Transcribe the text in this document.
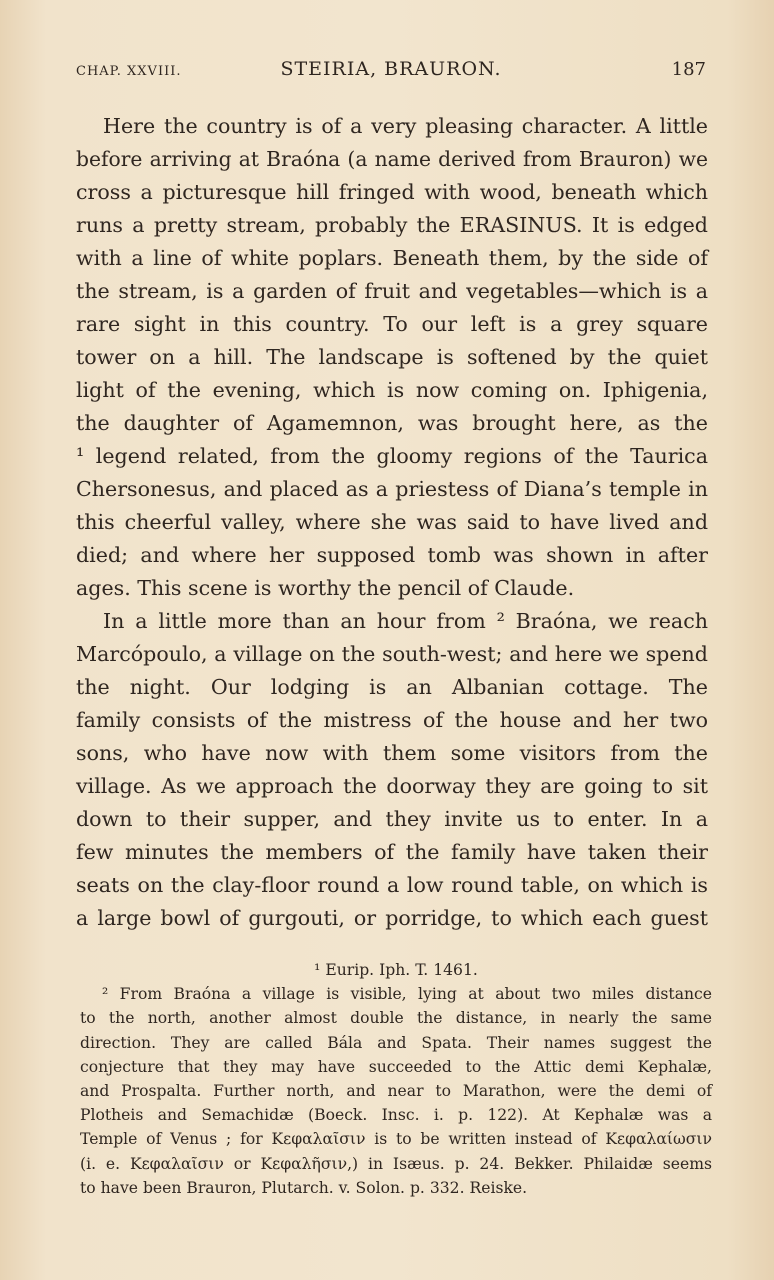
CHAP. XXVIII.	STEIRIA, BRAURON.	187

Here the country is of a very pleasing character. A little

before arriving at Braóna (a name derived from Brauron) we

cross a picturesque hill fringed with wood, beneath which

runs a pretty stream, probably the ERASINUS. It is edged

with a line of white poplars. Beneath them, by the side of

the stream, is a garden of fruit and vegetables—which is a

rare sight in this country. To our left is a grey square

tower on a hill. The landscape is softened by the quiet

light of the evening, which is now coming on. Iphigenia,

the daughter of Agamemnon, was brought here, as the

¹ legend related, from the gloomy regions of the Taurica

Chersonesus, and placed as a priestess of Diana’s temple in

this cheerful valley, where she was said to have lived and

died; and where her supposed tomb was shown in after

ages. This scene is worthy the pencil of Claude.

In a little more than an hour from ² Braóna, we reach

Marcópoulo, a village on the south-west; and here we spend

the night. Our lodging is an Albanian cottage. The

family consists of the mistress of the house and her two

sons, who have now with them some visitors from the

village. As we approach the doorway they are going to sit

down to their supper, and they invite us to enter. In a

few minutes the members of the family have taken their

seats on the clay-floor round a low round table, on which is

a large bowl of gurgouti, or porridge, to which each guest

¹ Eurip. Iph. T. 1461.

² From Braóna a village is visible, lying at about two miles distance

to the north, another almost double the distance, in nearly the same

direction. They are called Bála and Spata. Their names suggest the

conjecture that they may have succeeded to the Attic demi Kephalæ,

and Prospalta. Further north, and near to Marathon, were the demi of

Plotheis and Semachidæ (Boeck. Insc. i. p. 122). At Kephalæ was a

Temple of Venus ; for Κεφαλαῖσιν is to be written instead of Κεφαλαίωσιν

(i. e. Κεφαλαῖσιν or Κεφαλῆσιν,) in Isæus. p. 24. Bekker. Philaidæ seems

to have been Brauron, Plutarch. v. Solon. p. 332. Reiske.
